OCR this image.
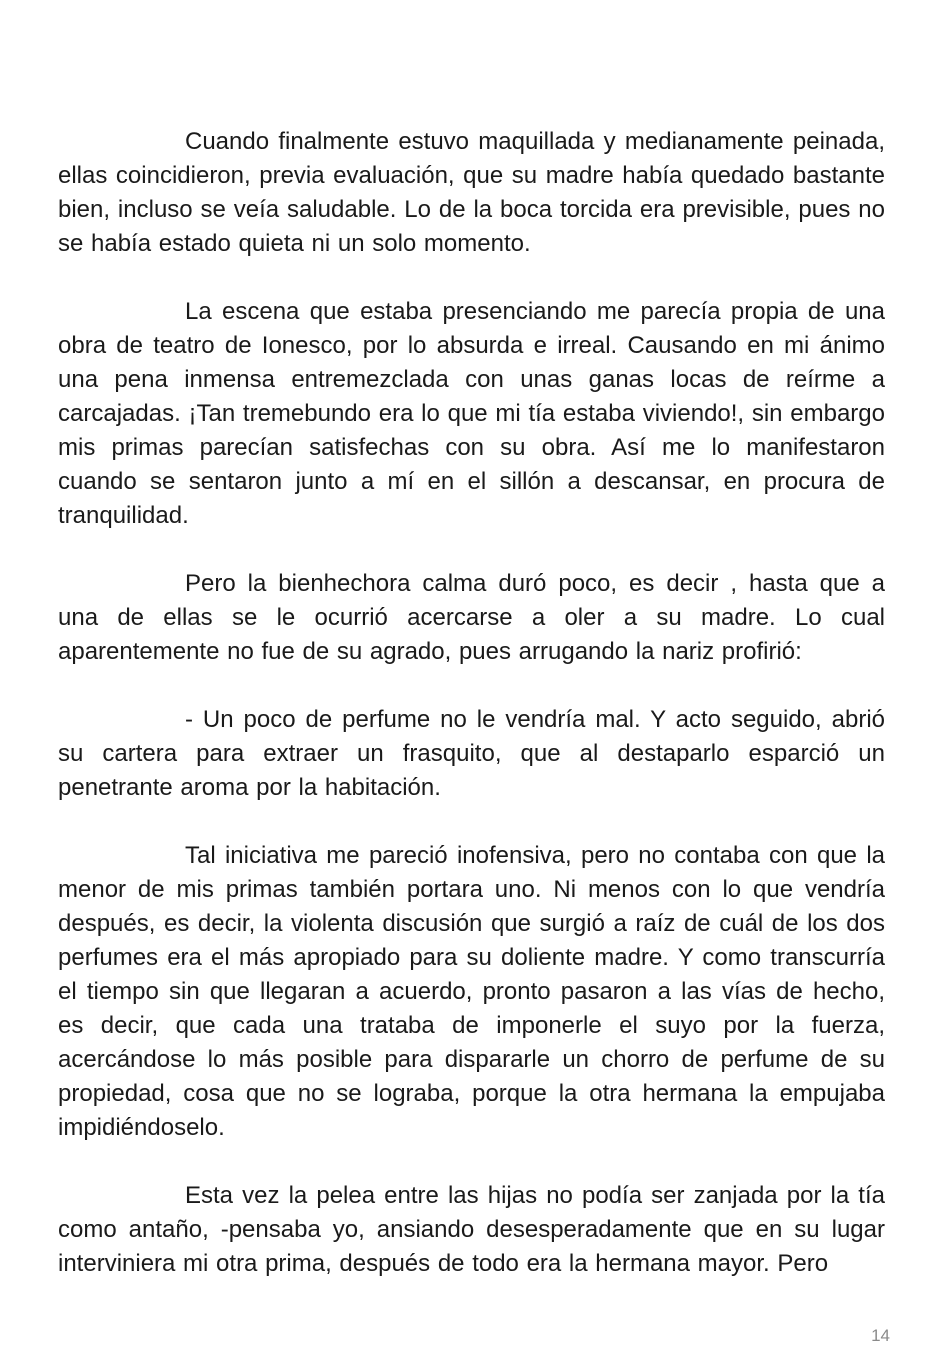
Cuando finalmente estuvo maquillada y medianamente peinada, ellas coincidieron, previa evaluación, que su madre había quedado bastante bien, incluso se veía saludable. Lo de la boca torcida era previsible, pues no se había estado quieta ni un solo momento.

La escena que estaba presenciando me parecía propia de una obra de teatro de Ionesco, por lo absurda e irreal. Causando en mi ánimo una pena inmensa entremezclada con unas ganas locas de reírme a carcajadas. ¡Tan tremebundo era lo que mi tía estaba viviendo!, sin embargo mis primas parecían satisfechas con su obra. Así me lo manifestaron cuando se sentaron junto a mí en el sillón a descansar, en procura de tranquilidad.

Pero la bienhechora calma duró poco, es decir , hasta que a una de ellas se le ocurrió acercarse a oler a su madre. Lo cual aparentemente no fue de su agrado, pues arrugando la nariz profirió:

- Un poco de perfume no le vendría mal. Y acto seguido, abrió su cartera para extraer un frasquito, que al destaparlo esparció un penetrante aroma por la habitación.

Tal iniciativa me pareció inofensiva, pero no contaba con que la menor de mis primas también portara uno. Ni menos con lo que vendría después, es decir, la violenta discusión que surgió a raíz de cuál de los dos perfumes era el más apropiado para su doliente madre. Y como transcurría el tiempo sin que llegaran a acuerdo, pronto pasaron a las vías de hecho, es decir, que cada una trataba de imponerle el suyo por la fuerza, acercándose lo más posible para dispararle un chorro de perfume de su propiedad, cosa que no se lograba, porque la otra hermana la empujaba impidiéndoselo.

Esta vez la pelea entre las hijas no podía ser zanjada por la tía como antaño, -pensaba yo, ansiando desesperadamente que en su lugar interviniera mi otra prima, después de todo era la hermana mayor. Pero

14
